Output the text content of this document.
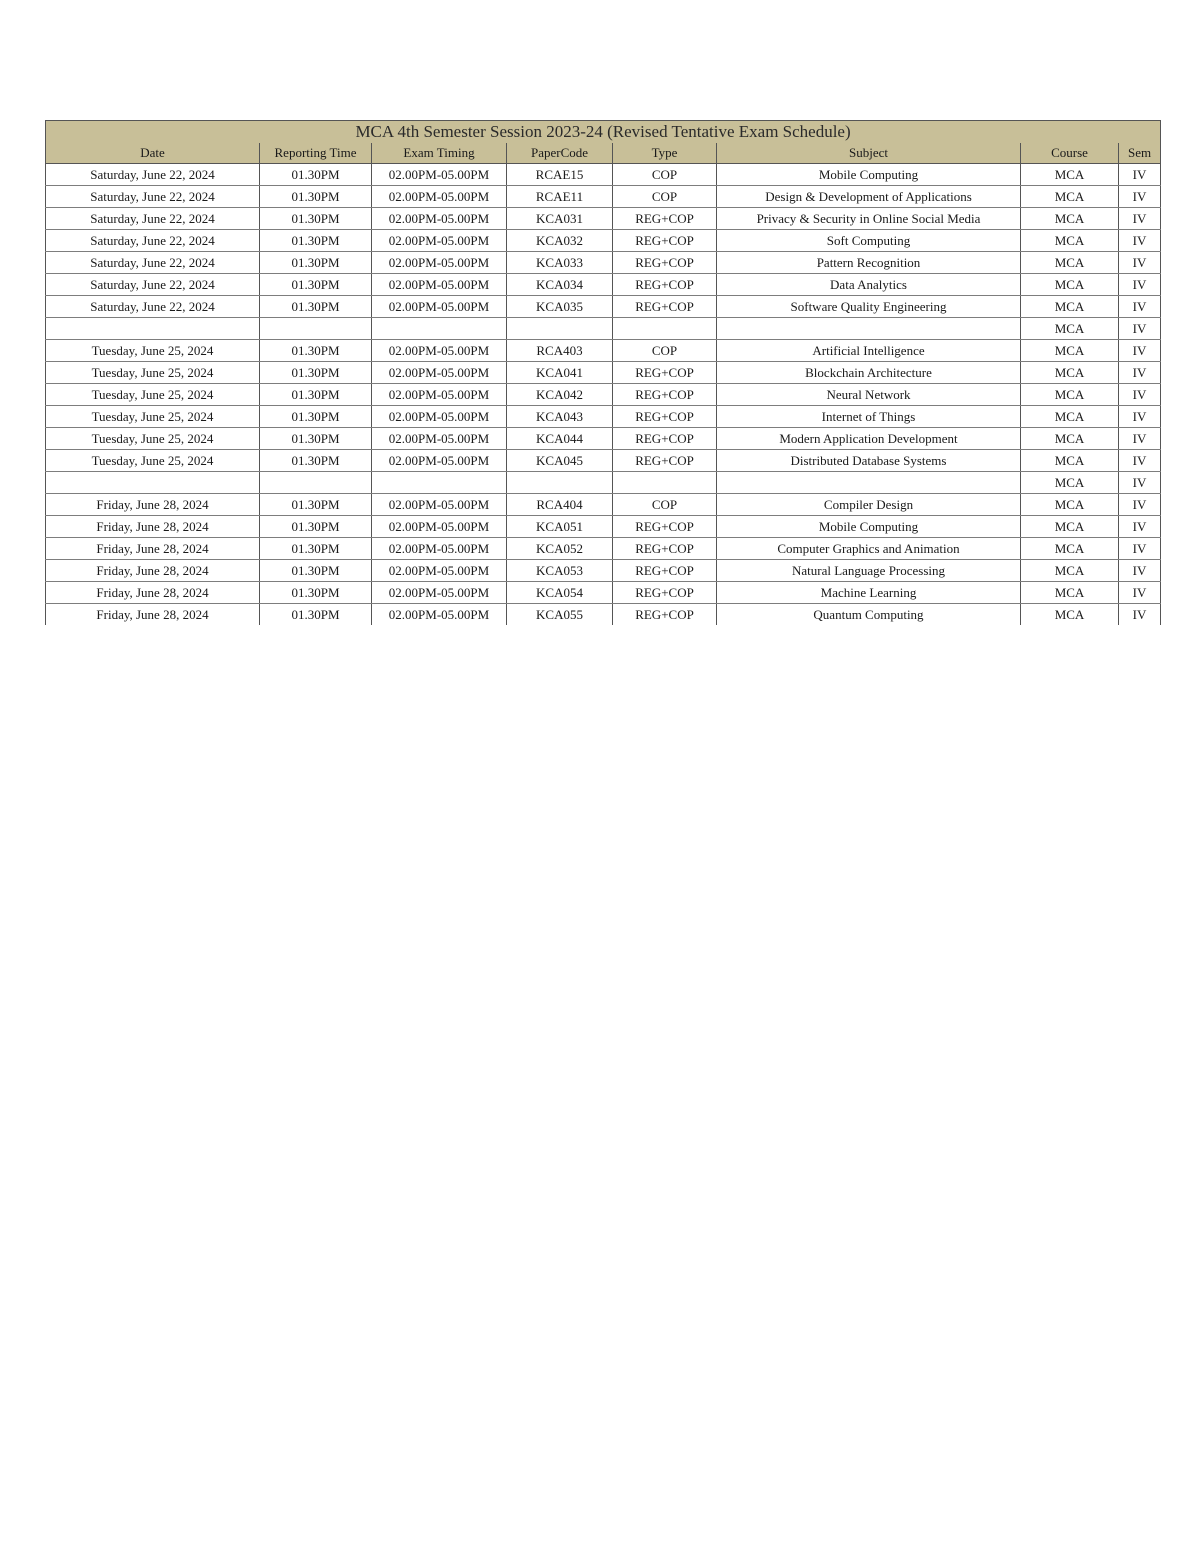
MCA 4th Semester Session 2023-24 (Revised Tentative Exam Schedule)							
Date	Reporting Time	Exam Timing	PaperCode	Type	Subject	Course	Sem
Saturday, June 22, 2024	01.30PM	02.00PM-05.00PM	RCAE15	COP	Mobile Computing	MCA	IV
Saturday, June 22, 2024	01.30PM	02.00PM-05.00PM	RCAE11	COP	Design & Development of Applications	MCA	IV
Saturday, June 22, 2024	01.30PM	02.00PM-05.00PM	KCA031	REG+COP	Privacy & Security in Online Social Media	MCA	IV
Saturday, June 22, 2024	01.30PM	02.00PM-05.00PM	KCA032	REG+COP	Soft Computing	MCA	IV
Saturday, June 22, 2024	01.30PM	02.00PM-05.00PM	KCA033	REG+COP	Pattern Recognition	MCA	IV
Saturday, June 22, 2024	01.30PM	02.00PM-05.00PM	KCA034	REG+COP	Data Analytics	MCA	IV
Saturday, June 22, 2024	01.30PM	02.00PM-05.00PM	KCA035	REG+COP	Software Quality Engineering	MCA	IV
						MCA	IV
Tuesday, June 25, 2024	01.30PM	02.00PM-05.00PM	RCA403	COP	Artificial Intelligence	MCA	IV
Tuesday, June 25, 2024	01.30PM	02.00PM-05.00PM	KCA041	REG+COP	Blockchain Architecture	MCA	IV
Tuesday, June 25, 2024	01.30PM	02.00PM-05.00PM	KCA042	REG+COP	Neural Network	MCA	IV
Tuesday, June 25, 2024	01.30PM	02.00PM-05.00PM	KCA043	REG+COP	Internet of Things	MCA	IV
Tuesday, June 25, 2024	01.30PM	02.00PM-05.00PM	KCA044	REG+COP	Modern Application Development	MCA	IV
Tuesday, June 25, 2024	01.30PM	02.00PM-05.00PM	KCA045	REG+COP	Distributed Database Systems	MCA	IV
						MCA	IV
Friday, June 28, 2024	01.30PM	02.00PM-05.00PM	RCA404	COP	Compiler Design	MCA	IV
Friday, June 28, 2024	01.30PM	02.00PM-05.00PM	KCA051	REG+COP	Mobile Computing	MCA	IV
Friday, June 28, 2024	01.30PM	02.00PM-05.00PM	KCA052	REG+COP	Computer Graphics and Animation	MCA	IV
Friday, June 28, 2024	01.30PM	02.00PM-05.00PM	KCA053	REG+COP	Natural Language Processing	MCA	IV
Friday, June 28, 2024	01.30PM	02.00PM-05.00PM	KCA054	REG+COP	Machine Learning	MCA	IV
Friday, June 28, 2024	01.30PM	02.00PM-05.00PM	KCA055	REG+COP	Quantum Computing	MCA	IV
